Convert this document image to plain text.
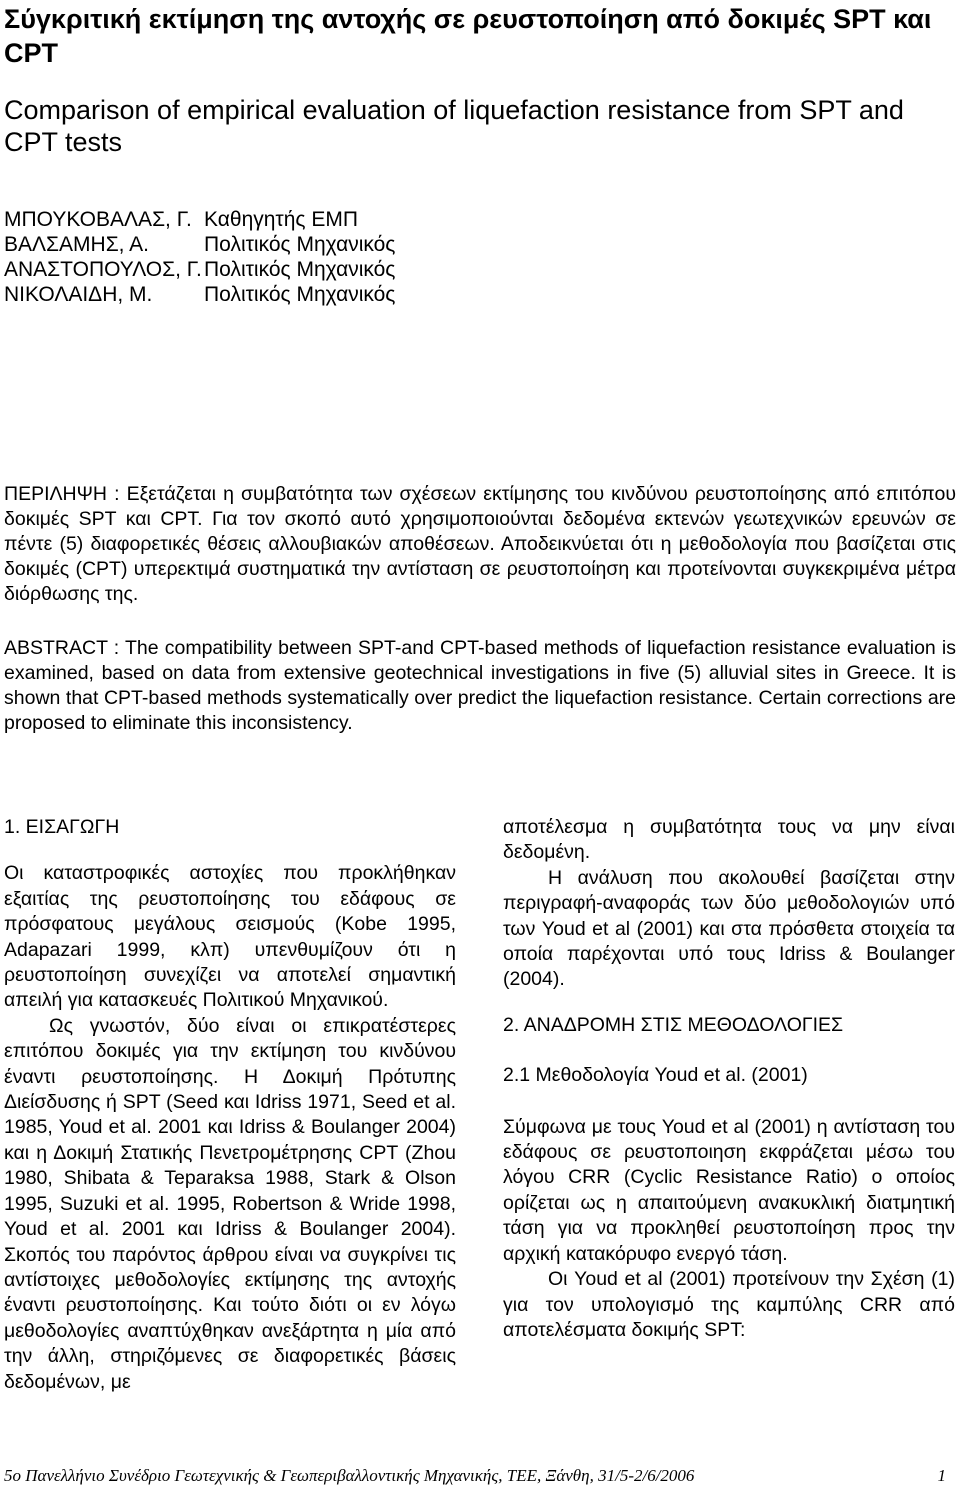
Σύγκριτική εκτίμηση της αντοχής σε ρευστοποίηση από δοκιμές SPT και CPT
Comparison of empirical evaluation of liquefaction resistance from SPT and CPT tests
ΜΠΟΥΚΟΒΑΛΑΣ, Γ. Καθηγητής ΕΜΠ
ΒΑΛΣΑΜΗΣ, Α.	Πολιτικός Μηχανικός
ΑΝΑΣΤΟΠΟΥΛΟΣ, Γ. Πολιτικός Μηχανικός
ΝΙΚΟΛΑΙΔΗ, Μ.	Πολιτικός Μηχανικός

ΠΕΡΙΛΗΨΗ : Εξετάζεται η συμβατότητα των σχέσεων εκτίμησης του κινδύνου ρευστοποίησης από επιτόπου δοκιμές SPT και CPT. Για τον σκοπό αυτό χρησιμοποιούνται δεδομένα εκτενών γεωτεχνικών ερευνών σε πέντε (5) διαφορετικές θέσεις αλλουβιακών αποθέσεων. Αποδεικνύεται ότι η μεθοδολογία που βασίζεται στις δοκιμές (CPT) υπερεκτιμά συστηματικά την αντίσταση σε ρευστοποίηση και προτείνονται συγκεκριμένα μέτρα διόρθωσης της.

ABSTRACT : The compatibility between SPT-and CPT-based methods of liquefaction resistance evaluation is examined, based on data from extensive geotechnical investigations in five (5) alluvial sites in Greece. It is shown that CPT-based methods systematically over predict the liquefaction resistance. Certain corrections are proposed to eliminate this inconsistency.

1. ΕΙΣΑΓΩΓΗ

Οι καταστροφικές αστοχίες που προκλήθηκαν εξαιτίας της ρευστοποίησης του εδάφους σε πρόσφατους μεγάλους σεισμούς (Kobe 1995, Adapazari 1999, κλπ) υπενθυμίζουν ότι η ρευστοποίηση συνεχίζει να αποτελεί σημαντική απειλή για κατασκευές Πολιτικού Μηχανικού.

Ως γνωστόν, δύο είναι οι επικρατέστερες επιτόπου δοκιμές για την εκτίμηση του κινδύνου έναντι ρευστοποίησης. Η Δοκιμή Πρότυπης Διείσδυσης ή SPT (Seed και Idriss 1971, Seed et al. 1985, Youd et al. 2001 και Idriss & Boulanger 2004) και η Δοκιμή Στατικής Πενετρομέτρησης CPT (Zhou 1980, Shibata & Teparaksa 1988, Stark & Olson 1995, Suzuki et al. 1995, Robertson & Wride 1998, Youd et al. 2001 και Idriss & Boulanger 2004). Σκοπός του παρόντος άρθρου είναι να συγκρίνει τις αντίστοιχες μεθοδολογίες εκτίμησης της αντοχής έναντι ρευστοποίησης. Και τούτο διότι οι εν λόγω μεθοδολογίες αναπτύχθηκαν ανεξάρτητα η μία από την άλλη, στηριζόμενες σε διαφορετικές βάσεις δεδομένων, με

αποτέλεσμα η συμβατότητα τους να μην είναι δεδομένη.

Η ανάλυση που ακολουθεί βασίζεται στην περιγραφή-αναφοράς των δύο μεθοδολογιών υπό των Youd et al (2001) και στα πρόσθετα στοιχεία τα οποία παρέχονται υπό τους Idriss & Boulanger (2004).

2. ΑΝΑΔΡΟΜΗ ΣΤΙΣ ΜΕΘΟΔΟΛΟΓΙΕΣ
2.1 Μεθοδολογία Youd et al. (2001)

Σύμφωνα με τους Youd et al (2001) η αντίσταση του εδάφους σε ρευστοποιηση εκφράζεται μέσω του λόγου CRR (Cyclic Resistance Ratio) ο οποίος ορίζεται ως η απαιτούμενη ανακυκλική διατμητική τάση για να προκληθεί ρευστοποίηση προς την αρχική κατακόρυφο ενεργό τάση.

Οι Youd et al (2001) προτείνουν την Σχέση (1) για τον υπολογισμό της καμπύλης CRR από αποτελέσματα δοκιμής SPT:

5ο Πανελλήνιο Συνέδριο Γεωτεχνικής & Γεωπεριβαλλοντικής Μηχανικής, ΤΕΕ, Ξάνθη, 31/5-2/6/2006	1
